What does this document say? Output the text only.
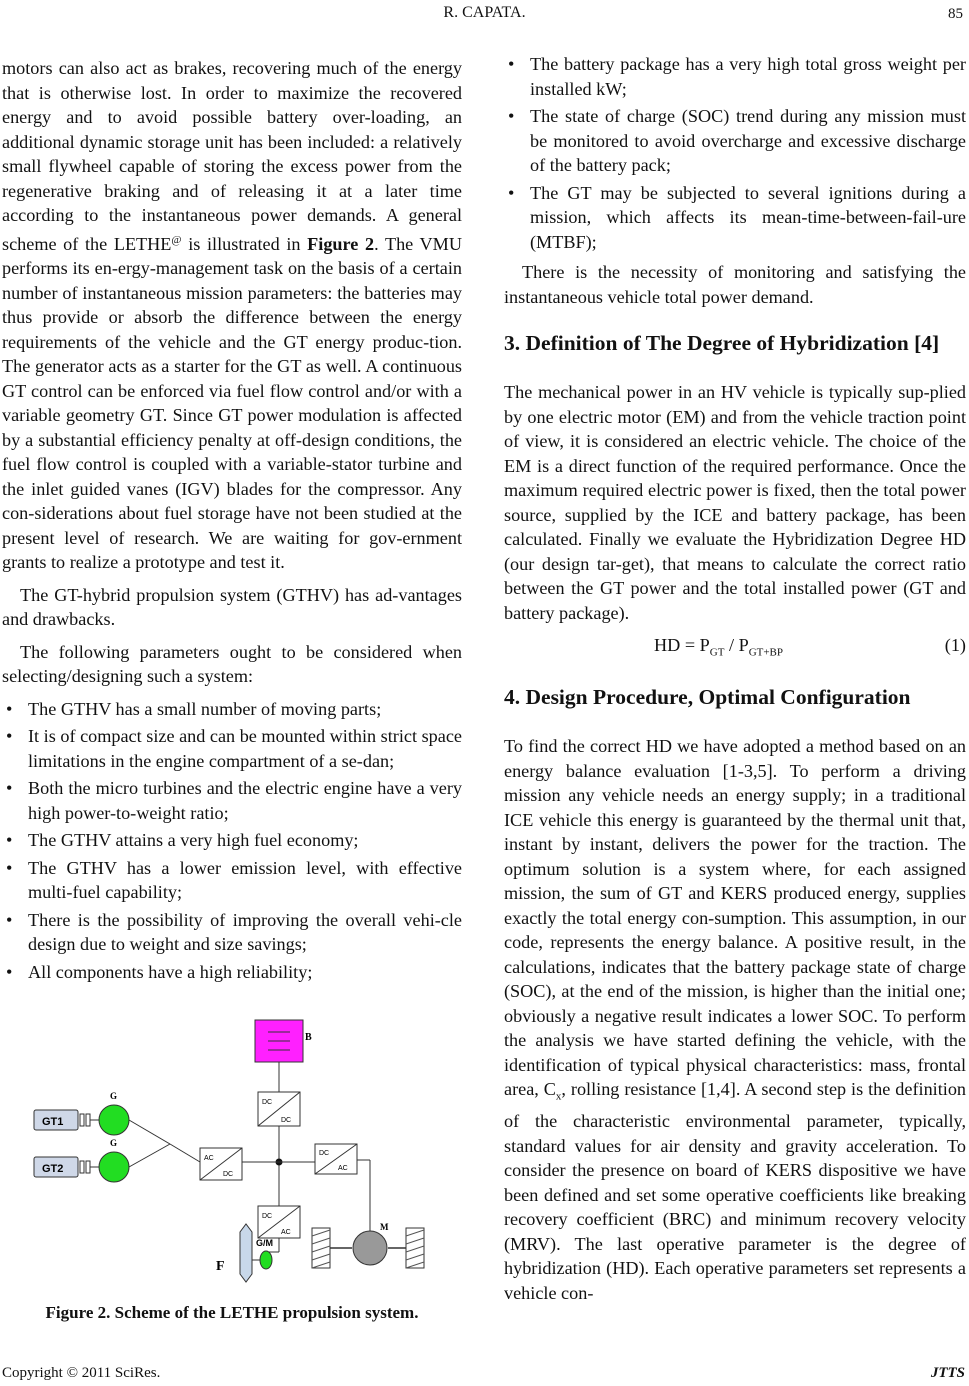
R. CAPATA.	85

motors can also act as brakes, recovering much of the energy that is otherwise lost. In order to maximize the recovered energy and to avoid possible battery over-loading, an additional dynamic storage unit has been included: a relatively small flywheel capable of storing the excess power from the regenerative braking and of releasing it at a later time according to the instantaneous power demands. A general scheme of the LETHE@ is illustrated in Figure 2. The VMU performs its en-ergy-management task on the basis of a certain number of instantaneous mission parameters: the batteries may thus provide or absorb the difference between the energy requirements of the vehicle and the GT energy produc-tion. The generator acts as a starter for the GT as well. A continuous GT control can be enforced via fuel flow control and/or with a variable geometry GT. Since GT power modulation is affected by a substantial efficiency penalty at off-design conditions, the fuel flow control is coupled with a variable-stator turbine and the inlet guided vanes (IGV) blades for the compressor. Any con-siderations about fuel storage have not been studied at the present level of research. We are waiting for gov-ernment grants to realize a prototype and test it.

The GT-hybrid propulsion system (GTHV) has ad-vantages and drawbacks.

The following parameters ought to be considered when selecting/designing such a system:

• The GTHV has a small number of moving parts;
• It is of compact size and can be mounted within strict space limitations in the engine compartment of a se-dan;
• Both the micro turbines and the electric engine have a very high power-to-weight ratio;
• The GTHV attains a very high fuel economy;
• The GTHV has a lower emission level, with effective multi-fuel capability;
• There is the possibility of improving the overall vehi-cle design due to weight and size savings;
• All components have a high reliability;
B
DC
DC
AC
DC
DC
AC
DC
AC
GT1
GT2
G
G
F
G/M
M
Figure 2. Scheme of the LETHE propulsion system.
• The battery package has a very high total gross weight per installed kW;
• The state of charge (SOC) trend during any mission must be monitored to avoid overcharge and excessive discharge of the battery pack;
• The GT may be subjected to several ignitions during a mission, which affects its mean-time-between-fail-ure (MTBF);

There is the necessity of monitoring and satisfying the instantaneous vehicle total power demand.

3. Definition of The Degree of Hybridization [4]

The mechanical power in an HV vehicle is typically sup-plied by one electric motor (EM) and from the vehicle traction point of view, it is considered an electric vehicle. The choice of the EM is a direct function of the required performance. Once the maximum required electric power is fixed, then the total power source, supplied by the ICE and battery package, has been calculated. Finally we evaluate the Hybridization Degree HD (our design tar-get), that means to calculate the correct ratio between the GT power and the total installed power (GT and battery package).

HD = $P_{GT} / P_{GT+BP}$	(1)
4. Design Procedure, Optimal Configuration

To find the correct HD we have adopted a method based on an energy balance evaluation [1-3,5]. To perform a driving mission any vehicle needs an energy supply; in a traditional ICE vehicle this energy is guaranteed by the thermal unit that, instant by instant, delivers the power for the traction. The optimum solution is a system where, for each assigned mission, the sum of GT and KERS produced energy, supplies exactly the total energy con-sumption. This assumption, in our code, represents the energy balance. A positive result, in the calculations, indicates that the battery package state of charge (SOC), at the end of the mission, is higher than the initial one; obviously a negative result indicates a lower SOC. To perform the analysis we have started defining the vehicle, with the identification of typical physical characteristics: mass, frontal area, $C_x$, rolling resistance [1,4]. A second step is the definition of the characteristic environmental parameter, typically, standard values for air density and gravity acceleration. To consider the presence on board of KERS dispositive we have been defined and set some operative coefficients like breaking recovery coefficient (BRC) and minimum recovery velocity (MRV). The last operative parameter is the degree of hybridization (HD). Each operative parameters set represents a vehicle con-

Copyright © 2011 SciRes.	JTTS
